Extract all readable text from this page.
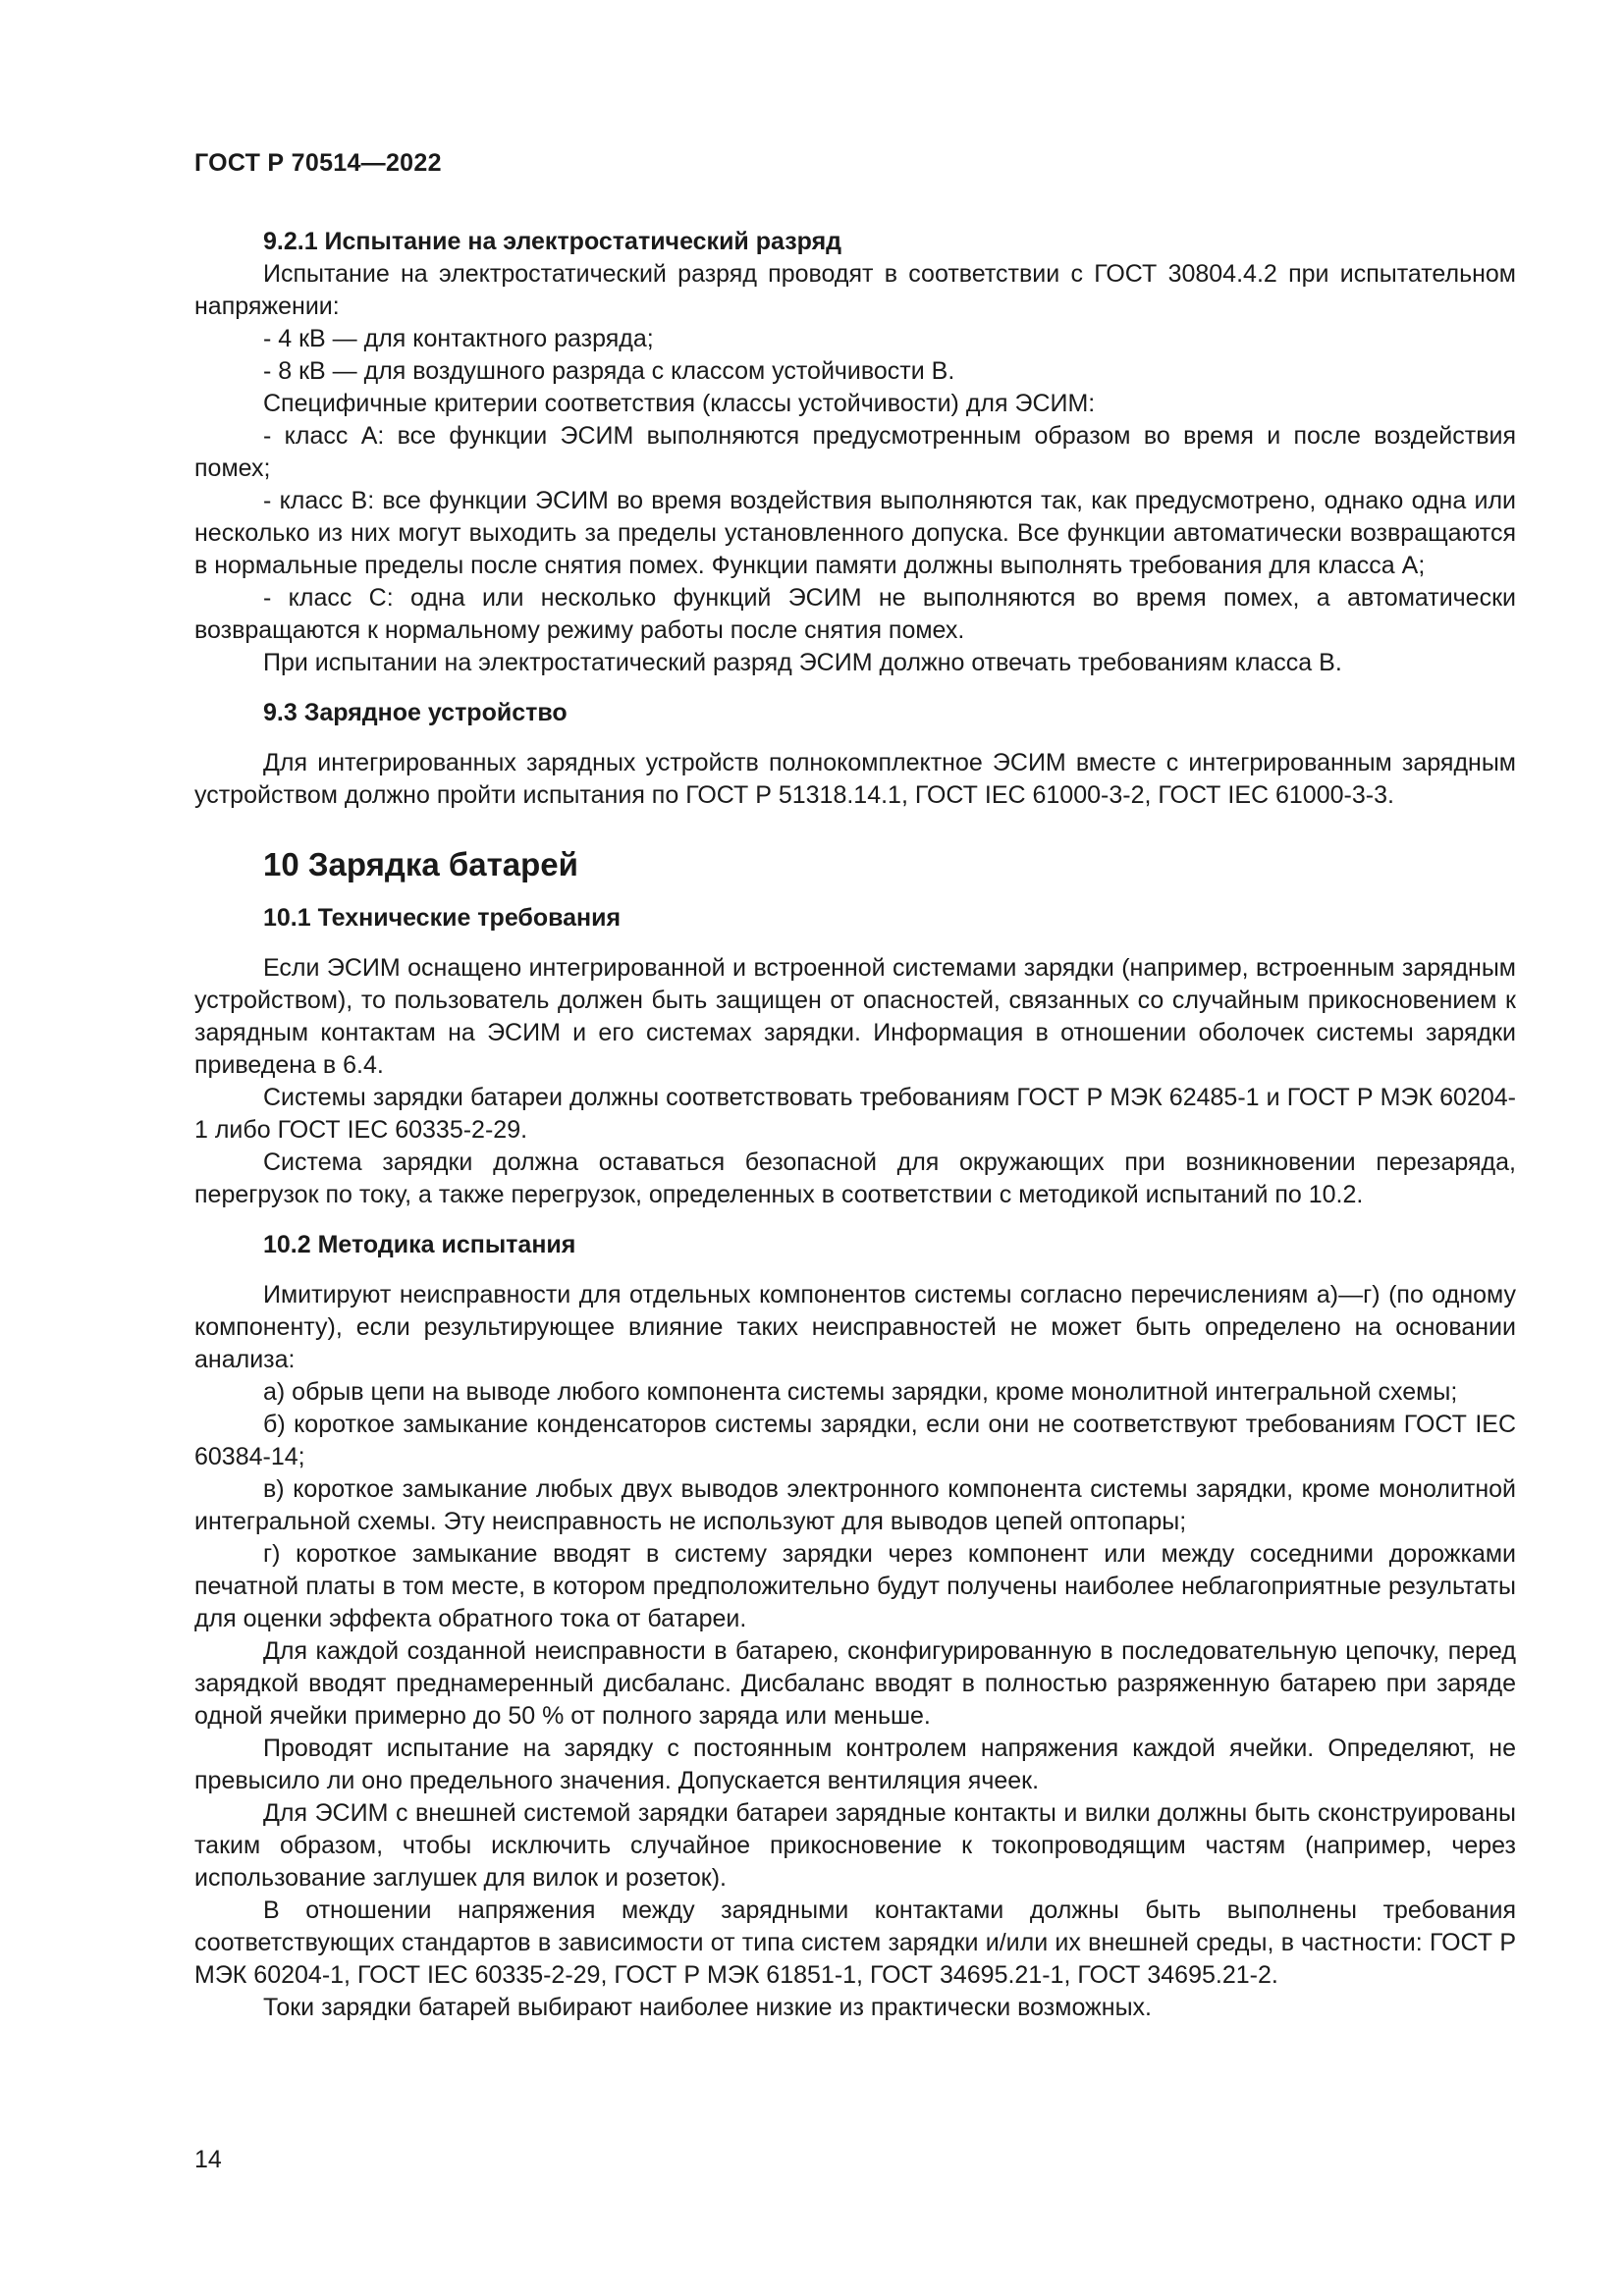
ГОСТ Р 70514—2022
9.2.1 Испытание на электростатический разряд

Испытание на электростатический разряд проводят в соответствии с ГОСТ 30804.4.2 при испытательном напряжении:

- 4 кВ — для контактного разряда;

- 8 кВ — для воздушного разряда с классом устойчивости В.

Специфичные критерии соответствия (классы устойчивости) для ЭСИМ:

- класс А: все функции ЭСИМ выполняются предусмотренным образом во время и после воздействия помех;

- класс В: все функции ЭСИМ во время воздействия выполняются так, как предусмотрено, однако одна или несколько из них могут выходить за пределы установленного допуска. Все функции автоматически возвращаются в нормальные пределы после снятия помех. Функции памяти должны выполнять требования для класса А;

- класс С: одна или несколько функций ЭСИМ не выполняются во время помех, а автоматически возвращаются к нормальному режиму работы после снятия помех.

При испытании на электростатический разряд ЭСИМ должно отвечать требованиям класса В.

9.3 Зарядное устройство

Для интегрированных зарядных устройств полнокомплектное ЭСИМ вместе с интегрированным зарядным устройством должно пройти испытания по ГОСТ Р 51318.14.1, ГОСТ IEC 61000-3-2, ГОСТ IEC 61000-3-3.

10 Зарядка батарей
10.1 Технические требования

Если ЭСИМ оснащено интегрированной и встроенной системами зарядки (например, встроенным зарядным устройством), то пользователь должен быть защищен от опасностей, связанных со случайным прикосновением к зарядным контактам на ЭСИМ и его системах зарядки. Информация в отношении оболочек системы зарядки приведена в 6.4.

Системы зарядки батареи должны соответствовать требованиям ГОСТ Р МЭК 62485-1 и ГОСТ Р МЭК 60204-1 либо ГОСТ IEC 60335-2-29.

Система зарядки должна оставаться безопасной для окружающих при возникновении перезаряда, перегрузок по току, а также перегрузок, определенных в соответствии с методикой испытаний по 10.2.

10.2 Методика испытания

Имитируют неисправности для отдельных компонентов системы согласно перечислениям а)—г) (по одному компоненту), если результирующее влияние таких неисправностей не может быть определено на основании анализа:

а) обрыв цепи на выводе любого компонента системы зарядки, кроме монолитной интегральной схемы;

б) короткое замыкание конденсаторов системы зарядки, если они не соответствуют требованиям ГОСТ IEC 60384-14;

в) короткое замыкание любых двух выводов электронного компонента системы зарядки, кроме монолитной интегральной схемы. Эту неисправность не используют для выводов цепей оптопары;

г) короткое замыкание вводят в систему зарядки через компонент или между соседними дорожками печатной платы в том месте, в котором предположительно будут получены наиболее неблагоприятные результаты для оценки эффекта обратного тока от батареи.

Для каждой созданной неисправности в батарею, сконфигурированную в последовательную цепочку, перед зарядкой вводят преднамеренный дисбаланс. Дисбаланс вводят в полностью разряженную батарею при заряде одной ячейки примерно до 50 % от полного заряда или меньше.

Проводят испытание на зарядку с постоянным контролем напряжения каждой ячейки. Определяют, не превысило ли оно предельного значения. Допускается вентиляция ячеек.

Для ЭСИМ с внешней системой зарядки батареи зарядные контакты и вилки должны быть сконструированы таким образом, чтобы исключить случайное прикосновение к токопроводящим частям (например, через использование заглушек для вилок и розеток).

В отношении напряжения между зарядными контактами должны быть выполнены требования соответствующих стандартов в зависимости от типа систем зарядки и/или их внешней среды, в частности: ГОСТ Р МЭК 60204-1, ГОСТ IEC 60335-2-29, ГОСТ Р МЭК 61851-1, ГОСТ 34695.21-1, ГОСТ 34695.21-2.

Токи зарядки батарей выбирают наиболее низкие из практически возможных.

14
